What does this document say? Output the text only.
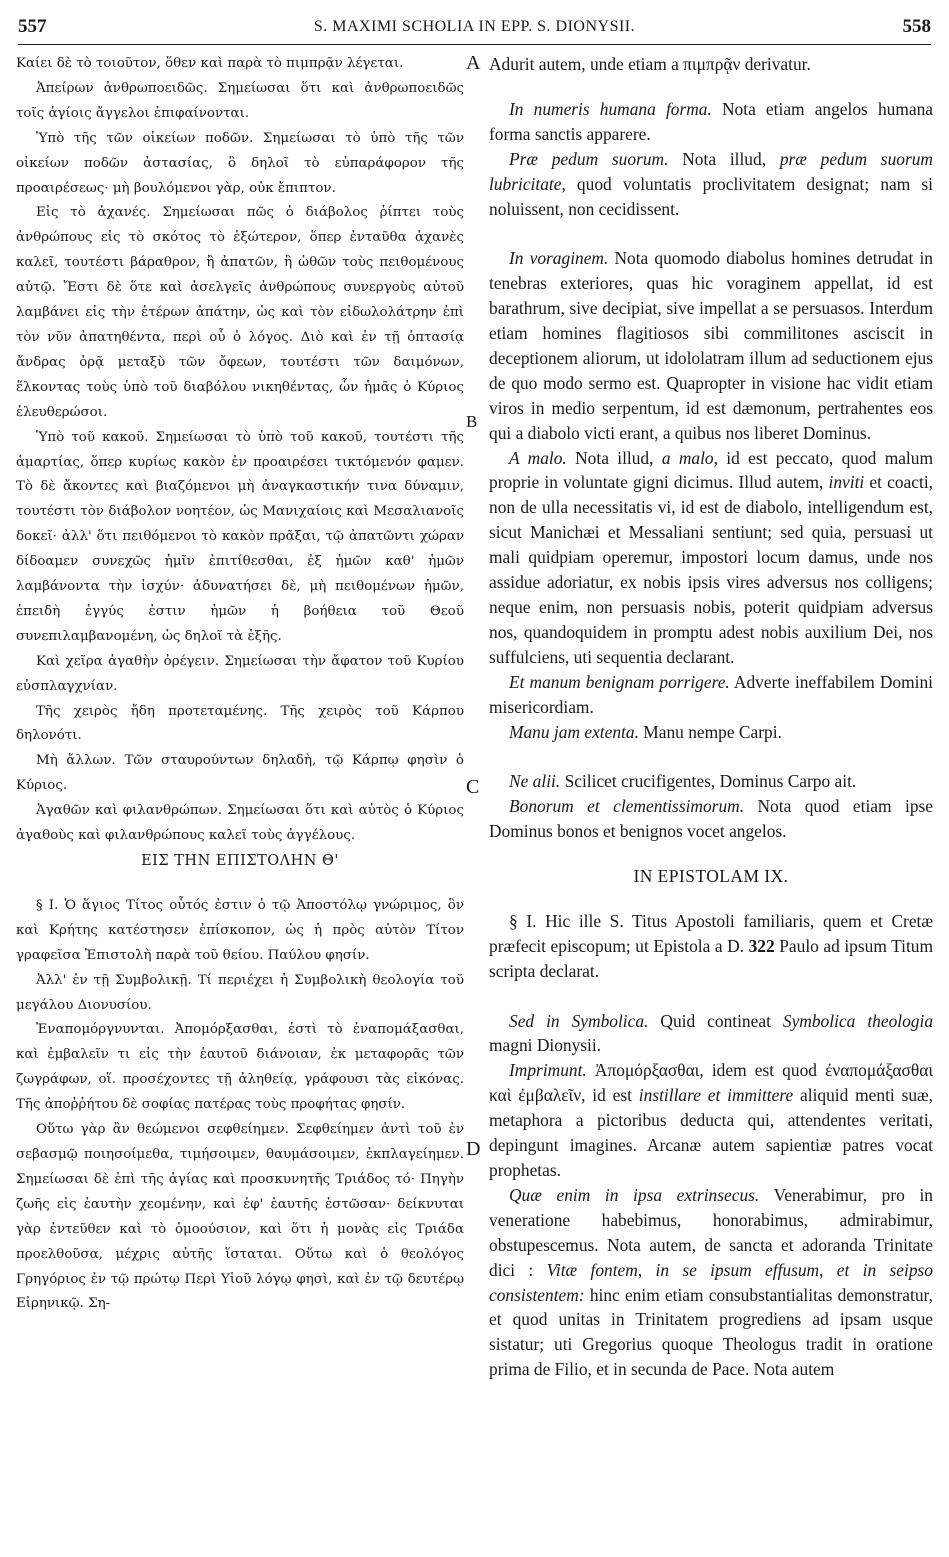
557	S. MAXIMI SCHOLIA IN EPP. S. DIONYSII.	558

Καίει δὲ τὸ τοιοῦτον, ὅθεν καὶ παρὰ τὸ πιμπρᾷν λέγεται.

Ἀπείρων ἀνθρωποειδῶς. Σημείωσαι ὅτι καὶ ἀνθρωποειδῶς τοῖς ἁγίοις ἄγγελοι ἐπιφαίνονται.

Ὑπὸ τῆς τῶν οἰκείων ποδῶν. Σημείωσαι τὸ ὑπὸ τῆς τῶν οἰκείων ποδῶν ἀστασίας, ὃ δηλοῖ τὸ εὐπαράφορον τῆς προαιρέσεως· μὴ βουλόμενοι γὰρ, οὐκ ἔπιπτον.

Εἰς τὸ ἀχανές. Σημείωσαι πῶς ὁ διάβολος ῥίπτει τοὺς ἀνθρώπους εἰς τὸ σκότος τὸ ἐξώτερον, ὅπερ ἐνταῦθα ἀχανὲς καλεῖ, τουτέστι βάραθρον, ἢ ἀπατῶν, ἢ ὠθῶν τοὺς πειθομένους αὐτῷ. Ἔστι δὲ ὅτε καὶ ἀσελγεῖς ἀνθρώπους συνεργοὺς αὐτοῦ λαμβάνει εἰς τὴν ἑτέρων ἀπάτην, ὡς καὶ τὸν εἰδωλολάτρην ἐπὶ τὸν νῦν ἀπατηθέντα, περὶ οὗ ὁ λόγος. Διὸ καὶ ἐν τῇ ὀπτασίᾳ ἄνδρας ὁρᾷ μεταξὺ τῶν ὄφεων, τουτέστι τῶν δαιμόνων, ἕλκοντας τοὺς ὑπὸ τοῦ διαβόλου νικηθέντας, ὧν ἡμᾶς ὁ Κύριος ἐλευθερώσοι.

Ὑπὸ τοῦ κακοῦ. Σημείωσαι τὸ ὑπὸ τοῦ κακοῦ, τουτέστι τῆς ἁμαρτίας, ὅπερ κυρίως κακὸν ἐν προαιρέσει τικτόμενόν φαμεν. Τὸ δὲ ἄκοντες καὶ βιαζόμενοι μὴ ἀναγκαστικήν τινα δύναμιν, τουτέστι τὸν διάβολον νοητέον, ὡς Μανιχαίοις καὶ Μεσαλιανοῖς δοκεῖ· ἀλλ' ὅτι πειθόμενοι τὸ κακὸν πρᾶξαι, τῷ ἀπατῶντι χώραν δίδοαμεν συνεχῶς ἡμῖν ἐπιτίθεσθαι, ἐξ ἡμῶν καθ' ἡμῶν λαμβάνοντα τὴν ἰσχύν· ἀδυνατήσει δὲ, μὴ πειθομένων ἡμῶν, ἐπειδὴ ἐγγύς ἐστιν ἡμῶν ἡ βοήθεια τοῦ Θεοῦ συνεπιλαμβανομένη, ὡς δηλοῖ τὰ ἑξῆς.

Καὶ χεῖρα ἀγαθὴν ὀρέγειν. Σημείωσαι τὴν ἄφατον τοῦ Κυρίου εὐσπλαγχνίαν.

Τῆς χειρὸς ἤδη προτεταμένης. Τῆς χειρὸς τοῦ Κάρπου δηλονότι.

Μὴ ἄλλων. Τῶν σταυρούντων δηλαδὴ, τῷ Κάρπῳ φησὶν ὁ Κύριος.

Ἀγαθῶν καὶ φιλανθρώπων. Σημείωσαι ὅτι καὶ αὐτὸς ὁ Κύριος ἀγαθοὺς καὶ φιλανθρώπους καλεῖ τοὺς ἀγγέλους.

ΕΙΣ ΤΗΝ ΕΠΙΣΤΟΛΗΝ Θ'

§ I. Ὁ ἅγιος Τίτος οὗτός ἐστιν ὁ τῷ Ἀποστόλῳ γνώριμος, ὃν καὶ Κρήτης κατέστησεν ἐπίσκοπον, ὡς ἡ πρὸς αὐτὸν Τίτον γραφεῖσα Ἐπιστολὴ παρὰ τοῦ θείου. Παύλου φησίν.

Ἀλλ' ἐν τῇ Συμβολικῇ. Τί περιέχει ἡ Συμβολικὴ θεολογία τοῦ μεγάλου Διονυσίου.

Ἐναπομόργνυνται. Ἀπομόρξασθαι, ἐστὶ τὸ ἐναπομάξασθαι, καὶ ἐμβαλεῖν τι εἰς τὴν ἑαυτοῦ διάνοιαν, ἐκ μεταφορᾶς τῶν ζωγράφων, οἵ. προσέχοντες τῇ ἀληθείᾳ, γράφουσι τὰς εἰκόνας. Τῆς ἀποῤῥήτου δὲ σοφίας πατέρας τοὺς προφήτας φησίν.

Οὕτω γὰρ ἂν θεώμενοι σεφθείημεν. Σεφθείημεν ἀντὶ τοῦ ἐν σεβασμῷ ποιησοίμεθα, τιμήσοιμεν, θαυμάσοιμεν, ἐκπλαγείημεν. Σημείωσαι δὲ ἐπὶ τῆς ἁγίας καὶ προσκυνητῆς Τριάδος τό· Πηγὴν ζωῆς εἰς ἑαυτὴν χεομένην, καὶ ἐφ' ἑαυτῆς ἑστῶσαν· δείκνυται γὰρ ἐντεῦθεν καὶ τὸ ὁμοούσιον, καὶ ὅτι ἡ μονὰς εἰς Τριάδα προελθοῦσα, μέχρις αὐτῆς ἵσταται. Οὕτω καὶ ὁ θεολόγος Γρηγόριος ἐν τῷ πρώτῳ Περὶ Υἱοῦ λόγῳ φησὶ, καὶ ἐν τῷ δευτέρῳ Εἰρηνικῷ. Ση-

A
B
C
D

Adurit autem, unde etiam a πιμπρᾷν derivatur.

In numeris humana forma. Nota etiam angelos humana forma sanctis apparere.

Præ pedum suorum. Nota illud, præ pedum suorum lubricitate, quod voluntatis proclivitatem designat; nam si noluissent, non cecidissent.

In voraginem. Nota quomodo diabolus homines detrudat in tenebras exteriores, quas hic voraginem appellat, id est barathrum, sive decipiat, sive impellat a se persuasos. Interdum etiam homines flagitiosos sibi commilitones asciscit in deceptionem aliorum, ut idololatram illum ad seductionem ejus de quo modo sermo est. Quapropter in visione hac vidit etiam viros in medio serpentum, id est dæmonum, pertrahentes eos qui a diabolo victi erant, a quibus nos liberet Dominus.

A malo. Nota illud, a malo, id est peccato, quod malum proprie in voluntate gigni dicimus. Illud autem, inviti et coacti, non de ulla necessitatis vi, id est de diabolo, intelligendum est, sicut Manichæi et Messaliani sentiunt; sed quia, persuasi ut mali quidpiam operemur, impostori locum damus, unde nos assidue adoriatur, ex nobis ipsis vires adversus nos colligens; neque enim, non persuasis nobis, poterit quidpiam adversus nos, quandoquidem in promptu adest nobis auxilium Dei, nos suffulciens, uti sequentia declarant.

Et manum benignam porrigere. Adverte ineffabilem Domini misericordiam.

Manu jam extenta. Manu nempe Carpi.

Ne alii. Scilicet crucifigentes, Dominus Carpo ait.

Bonorum et clementissimorum. Nota quod etiam ipse Dominus bonos et benignos vocet angelos.

IN EPISTOLAM IX.

§ I. Hic ille S. Titus Apostoli familiaris, quem et Cretæ præfecit episcopum; ut Epistola a D. 322 Paulo ad ipsum Titum scripta declarat.

Sed in Symbolica. Quid contineat Symbolica theologia magni Dionysii.

Imprimunt. Ἀπομόρξασθαι, idem est quod ἐναπομάξασθαι καὶ ἐμβαλεῖν, id est instillare et immittere aliquid menti suæ, metaphora a pictoribus deducta qui, attendentes veritati, depingunt imagines. Arcanæ autem sapientiæ patres vocat prophetas.

Quæ enim in ipsa extrinsecus. Venerabimur, pro in veneratione habebimus, honorabimus, admirabimur, obstupescemus. Nota autem, de sancta et adoranda Trinitate dici : Vitæ fontem, in se ipsum effusum, et in seipso consistentem: hinc enim etiam consubstantialitas demonstratur, et quod unitas in Trinitatem progrediens ad ipsam usque sistatur; uti Gregorius quoque Theologus tradit in oratione prima de Filio, et in secunda de Pace. Nota autem
